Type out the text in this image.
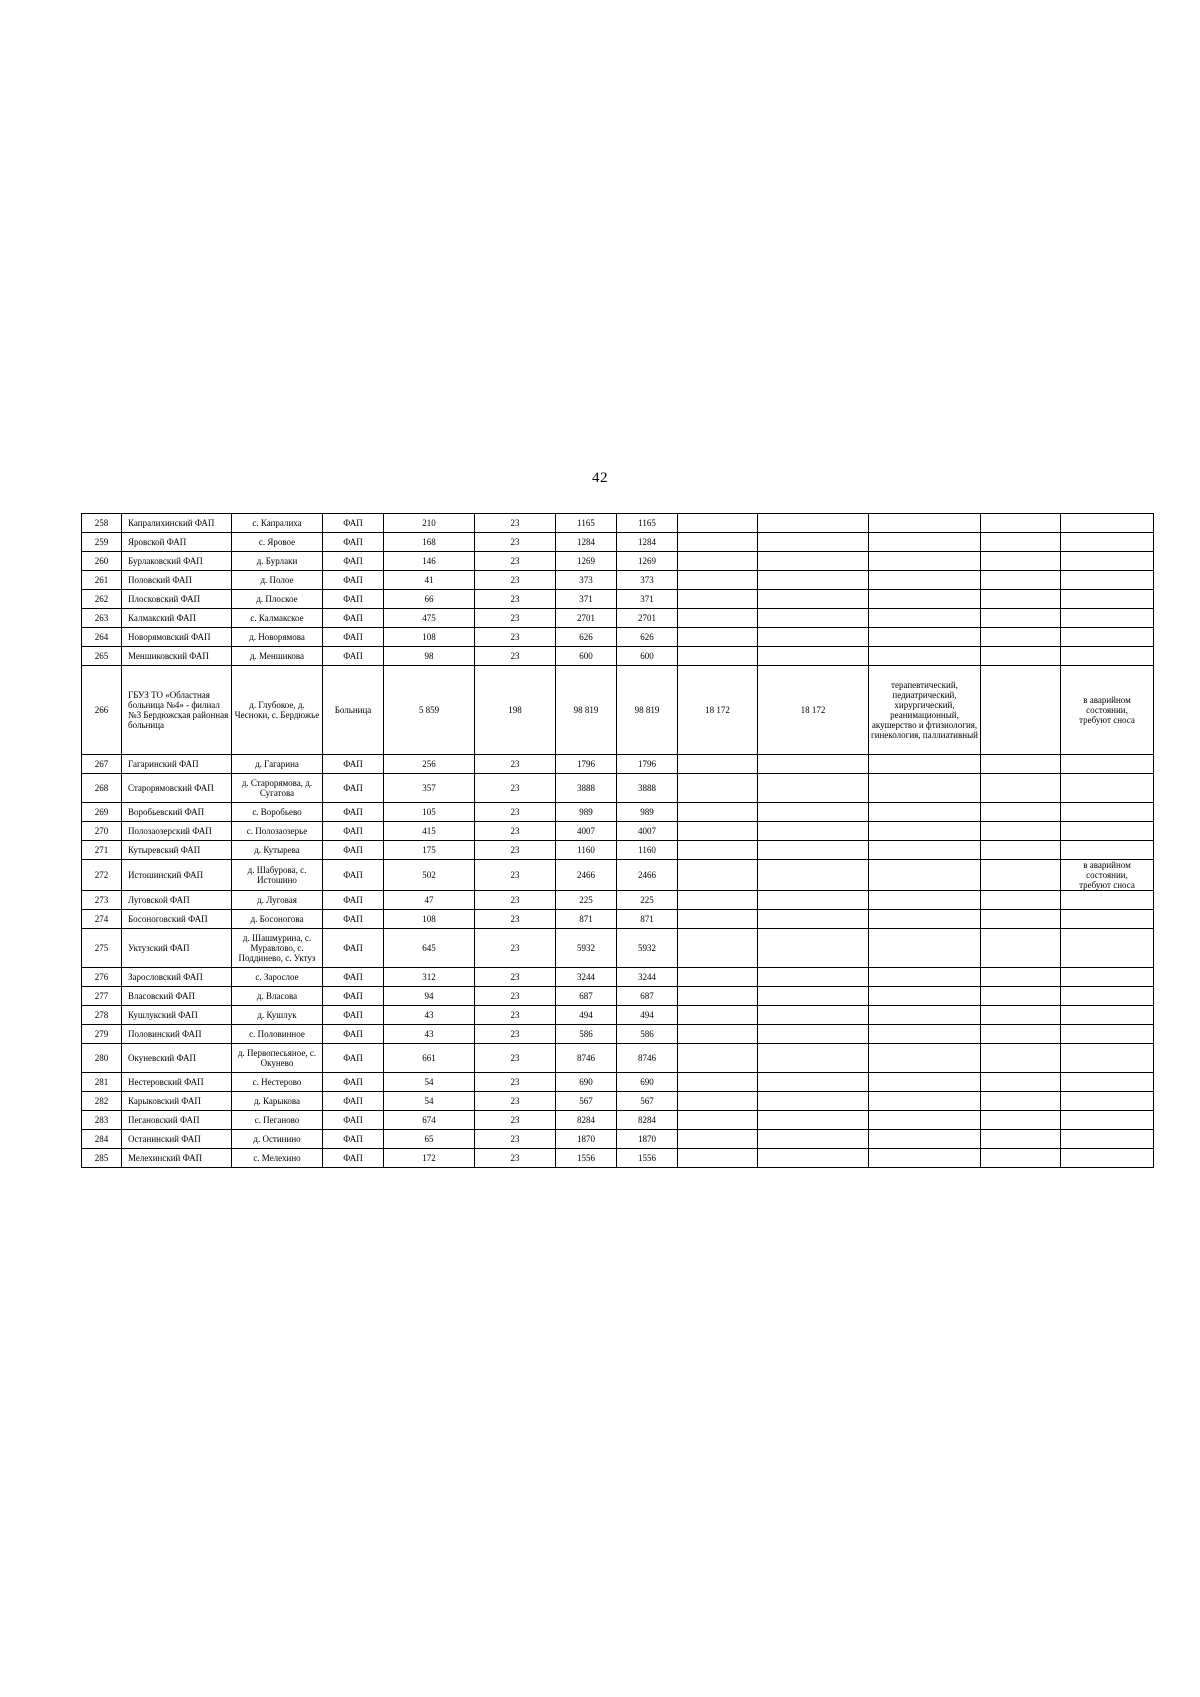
42
258	Капралихинский ФАП	с. Капралиха	ФАП	210	23	1165	1165					
259	Яровской ФАП	с. Яровое	ФАП	168	23	1284	1284					
260	Бурлаковский ФАП	д. Бурлаки	ФАП	146	23	1269	1269					
261	Половский ФАП	д. Полое	ФАП	41	23	373	373					
262	Плосковский ФАП	д. Плоское	ФАП	66	23	371	371					
263	Калмакский ФАП	с. Калмакское	ФАП	475	23	2701	2701					
264	Новорямовский ФАП	д. Новорямова	ФАП	108	23	626	626					
265	Меншиковский ФАП	д. Меншикова	ФАП	98	23	600	600					
266	ГБУЗ ТО «Областная больница №4» - филиал №3 Бердюжская районная больница	д. Глубокое, д. Чеснoки, с. Бердюжье	Больница	5 859	198	98 819	98 819	18 172	18 172	терапевтический, педиатрический, хирургический, реанимационный, акушерство и фтизиология, гинекология, паллиативный		в аварийном состоянии,
требуют сноса
267	Гагаринский ФАП	д. Гагарина	ФАП	256	23	1796	1796					
268	Старорямовский ФАП	д. Старорямова, д. Сугатова	ФАП	357	23	3888	3888					
269	Воробьевский ФАП	с. Воробьево	ФАП	105	23	989	989					
270	Полозаозерский ФАП	с. Полозаозерье	ФАП	415	23	4007	4007					
271	Кутыревский ФАП	д. Кутырева	ФАП	175	23	1160	1160					
272	Истошинский ФАП	д. Шабурова, с. Истошино	ФАП	502	23	2466	2466					в аварийном состоянии,
требуют сноса
273	Луговской ФАП	д. Луговая	ФАП	47	23	225	225					
274	Босоноговский ФАП	д. Босоногова	ФАП	108	23	871	871					
275	Уктузский ФАП	д. Шашмурина, с. Муравлово, с. Поддинево, с. Уктуз	ФАП	645	23	5932	5932					
276	Зарословский ФАП	с. Зарослое	ФАП	312	23	3244	3244					
277	Власовский ФАП	д. Власова	ФАП	94	23	687	687					
278	Кушлукский ФАП	д. Кушлук	ФАП	43	23	494	494					
279	Половинский ФАП	с. Половинное	ФАП	43	23	586	586					
280	Окуневский ФАП	д. Первопесьяное, с. Окунево	ФАП	661	23	8746	8746					
281	Нестеровский ФАП	с. Нестерово	ФАП	54	23	690	690					
282	Карыковский ФАП	д. Карыкова	ФАП	54	23	567	567					
283	Пегановский ФАП	с. Пеганово	ФАП	674	23	8284	8284					
284	Останинский ФАП	д. Остинино	ФАП	65	23	1870	1870					
285	Мелехинский ФАП	с. Мелехино	ФАП	172	23	1556	1556					
